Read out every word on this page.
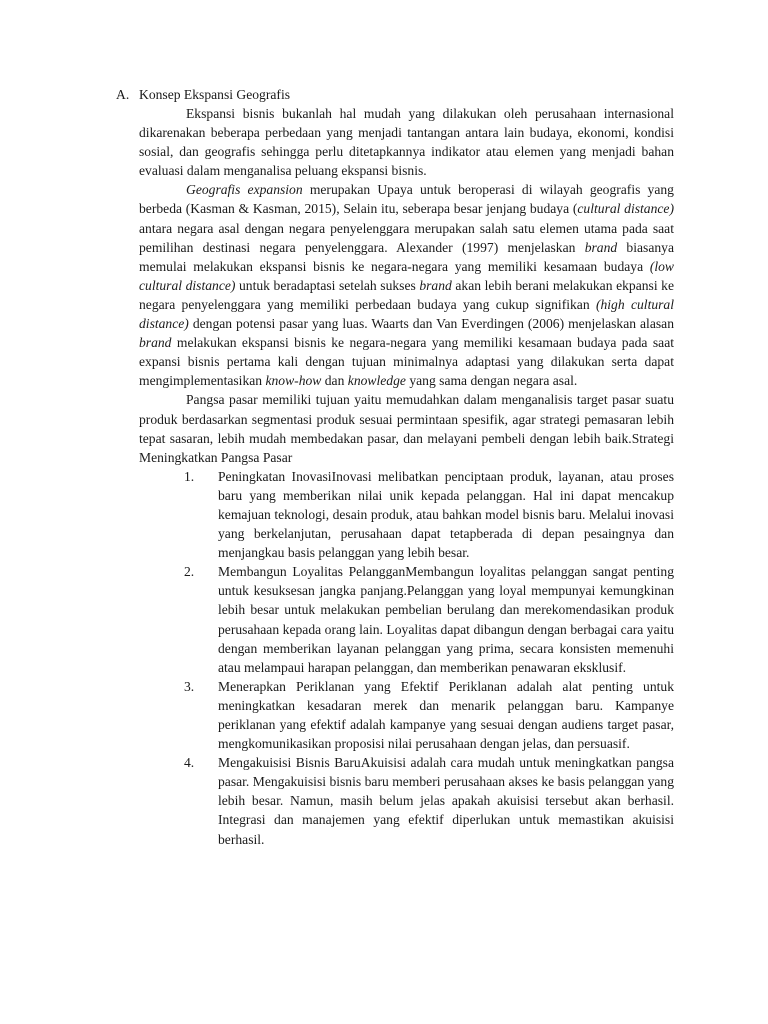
A. Konsep Ekspansi Geografis

Ekspansi bisnis bukanlah hal mudah yang dilakukan oleh perusahaan internasional dikarenakan beberapa perbedaan yang menjadi tantangan antara lain budaya, ekonomi, kondisi sosial, dan geografis sehingga perlu ditetapkannya indikator atau elemen yang menjadi bahan evaluasi dalam menganalisa peluang ekspansi bisnis.

Geografis expansion merupakan Upaya untuk beroperasi di wilayah geografis yang berbeda (Kasman & Kasman, 2015), Selain itu, seberapa besar jenjang budaya (cultural distance) antara negara asal dengan negara penyelenggara merupakan salah satu elemen utama pada saat pemilihan destinasi negara penyelenggara. Alexander (1997) menjelaskan brand biasanya memulai melakukan ekspansi bisnis ke negara-negara yang memiliki kesamaan budaya (low cultural distance) untuk beradaptasi setelah sukses brand akan lebih berani melakukan ekpansi ke negara penyelenggara yang memiliki perbedaan budaya yang cukup signifikan (high cultural distance) dengan potensi pasar yang luas. Waarts dan Van Everdingen (2006) menjelaskan alasan brand melakukan ekspansi bisnis ke negara-negara yang memiliki kesamaan budaya pada saat expansi bisnis pertama kali dengan tujuan minimalnya adaptasi yang dilakukan serta dapat mengimplementasikan know-how dan knowledge yang sama dengan negara asal.

Pangsa pasar memiliki tujuan yaitu memudahkan dalam menganalisis target pasar suatu produk berdasarkan segmentasi produk sesuai permintaan spesifik, agar strategi pemasaran lebih tepat sasaran, lebih mudah membedakan pasar, dan melayani pembeli dengan lebih baik.Strategi Meningkatkan Pangsa Pasar

1.	Peningkatan InovasiInovasi melibatkan penciptaan produk, layanan, atau proses baru yang memberikan nilai unik kepada pelanggan. Hal ini dapat mencakup kemajuan teknologi, desain produk, atau bahkan model bisnis baru. Melalui inovasi yang berkelanjutan, perusahaan dapat tetapberada di depan pesaingnya dan menjangkau basis pelanggan yang lebih besar.
2.	Membangun Loyalitas PelangganMembangun loyalitas pelanggan sangat penting untuk kesuksesan jangka panjang.Pelanggan yang loyal mempunyai kemungkinan lebih besar untuk melakukan pembelian berulang dan merekomendasikan produk perusahaan kepada orang lain. Loyalitas dapat dibangun dengan berbagai cara yaitu dengan memberikan layanan pelanggan yang prima, secara konsisten memenuhi atau melampaui harapan pelanggan, dan memberikan penawaran eksklusif.
3.	Menerapkan Periklanan yang Efektif Periklanan adalah alat penting untuk meningkatkan kesadaran merek dan menarik pelanggan baru. Kampanye periklanan yang efektif adalah kampanye yang sesuai dengan audiens target pasar, mengkomunikasikan proposisi nilai perusahaan dengan jelas, dan persuasif.
4.	Mengakuisisi Bisnis BaruAkuisisi adalah cara mudah untuk meningkatkan pangsa pasar. Mengakuisisi bisnis baru memberi perusahaan akses ke basis pelanggan yang lebih besar. Namun, masih belum jelas apakah akuisisi tersebut akan berhasil. Integrasi dan manajemen yang efektif diperlukan untuk memastikan akuisisi berhasil.
